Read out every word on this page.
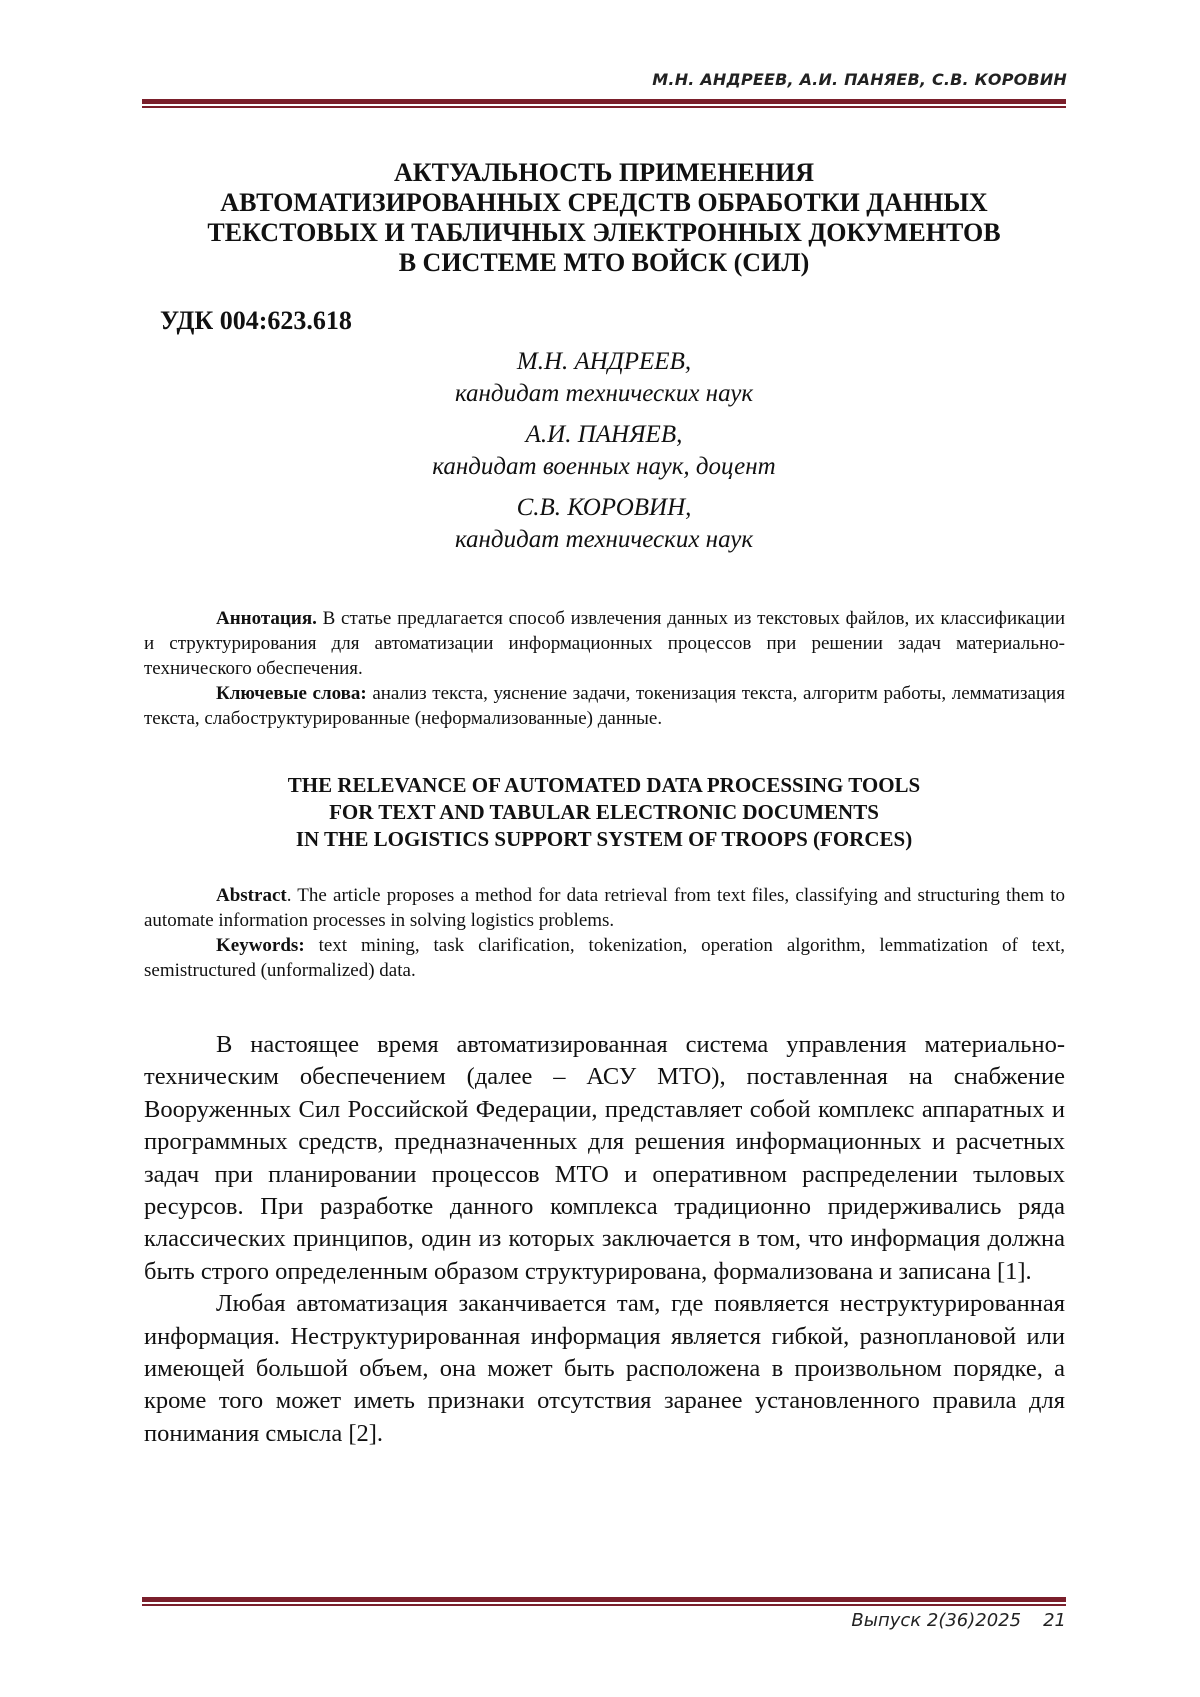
М.Н. АНДРЕЕВ, А.И. ПАНЯЕВ, С.В. КОРОВИН
АКТУАЛЬНОСТЬ ПРИМЕНЕНИЯ
АВТОМАТИЗИРОВАННЫХ СРЕДСТВ ОБРАБОТКИ ДАННЫХ
ТЕКСТОВЫХ И ТАБЛИЧНЫХ ЭЛЕКТРОННЫХ ДОКУМЕНТОВ
В СИСТЕМЕ МТО ВОЙСК (СИЛ)
УДК 004:623.618
М.Н. АНДРЕЕВ,
кандидат технических наук
А.И. ПАНЯЕВ,
кандидат военных наук, доцент
С.В. КОРОВИН,
кандидат технических наук

Аннотация. В статье предлагается способ извлечения данных из текстовых файлов, их классификации и структурирования для автоматизации информационных процессов при решении задач материально-технического обеспечения.

Ключевые слова: анализ текста, уяснение задачи, токенизация текста, алгоритм работы, лемматизация текста, слабоструктурированные (неформализованные) данные.

THE RELEVANCE OF AUTOMATED DATA PROCESSING TOOLS
FOR TEXT AND TABULAR ELECTRONIC DOCUMENTS
IN THE LOGISTICS SUPPORT SYSTEM OF TROOPS (FORCES)

Abstract. The article proposes a method for data retrieval from text files, classifying and structuring them to automate information processes in solving logistics problems.

Keywords: text mining, task clarification, tokenization, operation algorithm, lemmatization of text, semistructured (unformalized) data.

В настоящее время автоматизированная система управления материально-техническим обеспечением (далее – АСУ МТО), поставленная на снабжение Вооруженных Сил Российской Федерации, представляет собой комплекс аппаратных и программных средств, предназначенных для решения информационных и расчетных задач при планировании процессов МТО и оперативном распределении тыловых ресурсов. При разработке данного комплекса традиционно придерживались ряда классических принципов, один из которых заключается в том, что информация должна быть строго определенным образом структурирована, формализована и записана [1].

Любая автоматизация заканчивается там, где появляется неструктурированная информация. Неструктурированная информация является гибкой, разноплановой или имеющей большой объем, она может быть расположена в произвольном порядке, а кроме того может иметь признаки отсутствия заранее установленного правила для понимания смысла [2].

Выпуск 2(36)2025 21
